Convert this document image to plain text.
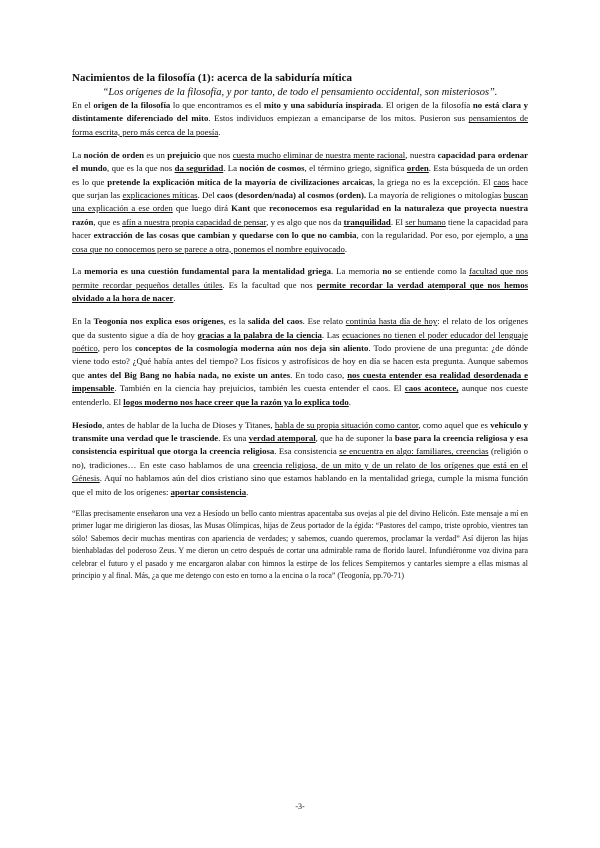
Nacimientos de la filosofía (1): acerca de la sabiduría mítica
“Los orígenes de la filosofía, y por tanto, de todo el pensamiento occidental, son misteriosos”.

En el origen de la filosofía lo que encontramos es el mito y una sabiduría inspirada. El origen de la filosofía no está clara y distintamente diferenciado del mito. Estos individuos empiezan a emanciparse de los mitos. Pusieron sus pensamientos de forma escrita, pero más cerca de la poesía.

La noción de orden es un prejuicio que nos cuesta mucho eliminar de nuestra mente racional, nuestra capacidad para ordenar el mundo, que es la que nos da seguridad. La noción de cosmos, el término griego, significa orden. Esta búsqueda de un orden es lo que pretende la explicación mítica de la mayoría de civilizaciones arcaicas, la griega no es la excepción. El caos hace que surjan las explicaciones míticas. Del caos (desorden/nada) al cosmos (orden). La mayoría de religiones o mitologías buscan una explicación a ese orden que luego dirá Kant que reconocemos esa regularidad en la naturaleza que proyecta nuestra razón, que es afín a nuestra propia capacidad de pensar, y es algo que nos da tranquilidad. El ser humano tiene la capacidad para hacer extracción de las cosas que cambian y quedarse con lo que no cambia, con la regularidad. Por eso, por ejemplo, a una cosa que no conocemos pero se parece a otra, ponemos el nombre equivocado.

La memoria es una cuestión fundamental para la mentalidad griega. La memoria no se entiende como la facultad que nos permite recordar pequeños detalles útiles. Es la facultad que nos permite recordar la verdad atemporal que nos hemos olvidado a la hora de nacer.

En la Teogonía nos explica esos orígenes, es la salida del caos. Ese relato continúa hasta día de hoy: el relato de los orígenes que da sustento sigue a día de hoy gracias a la palabra de la ciencia. Las ecuaciones no tienen el poder educador del lenguaje poético, pero los conceptos de la cosmología moderna aún nos deja sin aliento. Todo proviene de una pregunta: ¿de dónde viene todo esto? ¿Qué había antes del tiempo? Los físicos y astrofísicos de hoy en día se hacen esta pregunta. Aunque sabemos que antes del Big Bang no había nada, no existe un antes. En todo caso, nos cuesta entender esa realidad desordenada e impensable. También en la ciencia hay prejuicios, también les cuesta entender el caos. El caos acontece, aunque nos cueste entenderlo. El logos moderno nos hace creer que la razón ya lo explica todo.

Hesíodo, antes de hablar de la lucha de Dioses y Titanes, habla de su propia situación como cantor, como aquel que es vehículo y transmite una verdad que le trasciende. Es una verdad atemporal, que ha de suponer la base para la creencia religiosa y esa consistencia espiritual que otorga la creencia religiosa. Esa consistencia se encuentra en algo: familiares, creencias (religión o no), tradiciones… En este caso hablamos de una creencia religiosa, de un mito y de un relato de los orígenes que está en el Génesis. Aquí no hablamos aún del dios cristiano sino que estamos hablando en la mentalidad griega, cumple la misma función que el mito de los orígenes: aportar consistencia.

“Ellas precisamente enseñaron una vez a Hesíodo un bello canto mientras apacentaba sus ovejas al pie del divino Helicón. Este mensaje a mí en primer lugar me dirigieron las diosas, las Musas Olímpicas, hijas de Zeus portador de la égida: “Pastores del campo, triste oprobio, vientres tan sólo! Sabemos decir muchas mentiras con apariencia de verdades; y sabemos, cuando queremos, proclamar la verdad” Así dijeron las hijas bienhabladas del poderoso Zeus. Y me dieron un cetro después de cortar una admirable rama de florido laurel. Infundiéronme voz divina para celebrar el futuro y el pasado y me encargaron alabar con himnos la estirpe de los felices Sempiternos y cantarles siempre a ellas mismas al principio y al final. Más, ¿a que me detengo con esto en torno a la encina o la roca” (Teogonía, pp.70-71)
-3-
